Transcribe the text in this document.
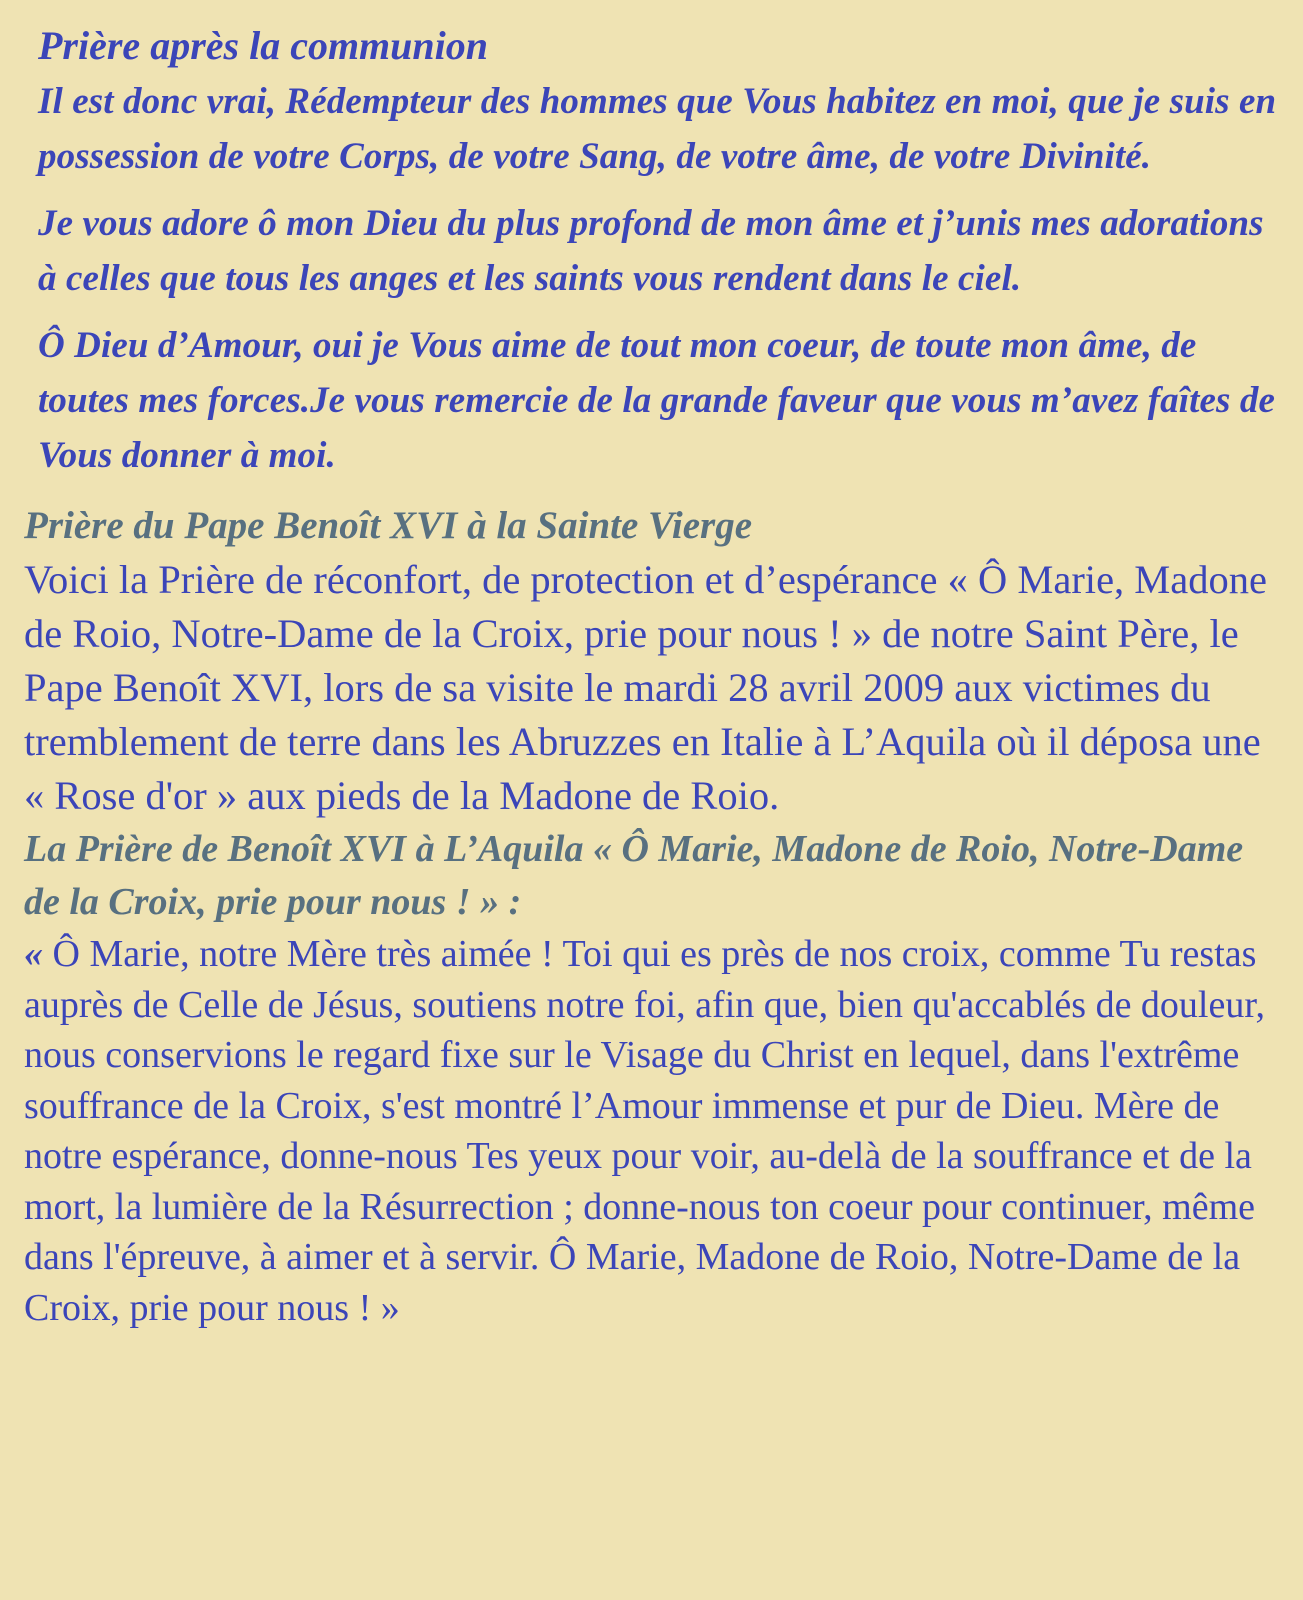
Prière après la communion

Il est donc vrai, Rédempteur des hommes que Vous habitez en moi, que je suis en possession de votre Corps, de votre Sang, de votre âme, de votre Divinité.

Je vous adore ô mon Dieu du plus profond de mon âme et j’unis mes adorations à celles que tous les anges et les saints vous rendent dans le ciel.

Ô Dieu d’Amour, oui je Vous aime de tout mon coeur, de toute mon âme, de toutes mes forces.Je vous remercie de la grande faveur que vous m’avez faîtes de Vous donner à moi.

Prière du Pape Benoît XVI à la Sainte Vierge

Voici la Prière de réconfort, de protection et d’espérance « Ô Marie, Madone de Roio, Notre-Dame de la Croix, prie pour nous ! » de notre Saint Père, le Pape Benoît XVI, lors de sa visite le mardi 28 avril 2009 aux victimes du tremblement de terre dans les Abruzzes en Italie à L’Aquila où il déposa une « Rose d'or » aux pieds de la Madone de Roio.

La Prière de Benoît XVI à L’Aquila « Ô Marie, Madone de Roio, Notre-Dame de la Croix, prie pour nous ! » :

« Ô Marie, notre Mère très aimée ! Toi qui es près de nos croix, comme Tu restas auprès de Celle de Jésus, soutiens notre foi, afin que, bien qu'accablés de douleur, nous conservions le regard fixe sur le Visage du Christ en lequel, dans l'extrême souffrance de la Croix, s'est montré l’Amour immense et pur de Dieu. Mère de notre espérance, donne-nous Tes yeux pour voir, au-delà de la souffrance et de la mort, la lumière de la Résurrection ; donne-nous ton coeur pour continuer, même dans l'épreuve, à aimer et à servir. Ô Marie, Madone de Roio, Notre-Dame de la Croix, prie pour nous ! »
